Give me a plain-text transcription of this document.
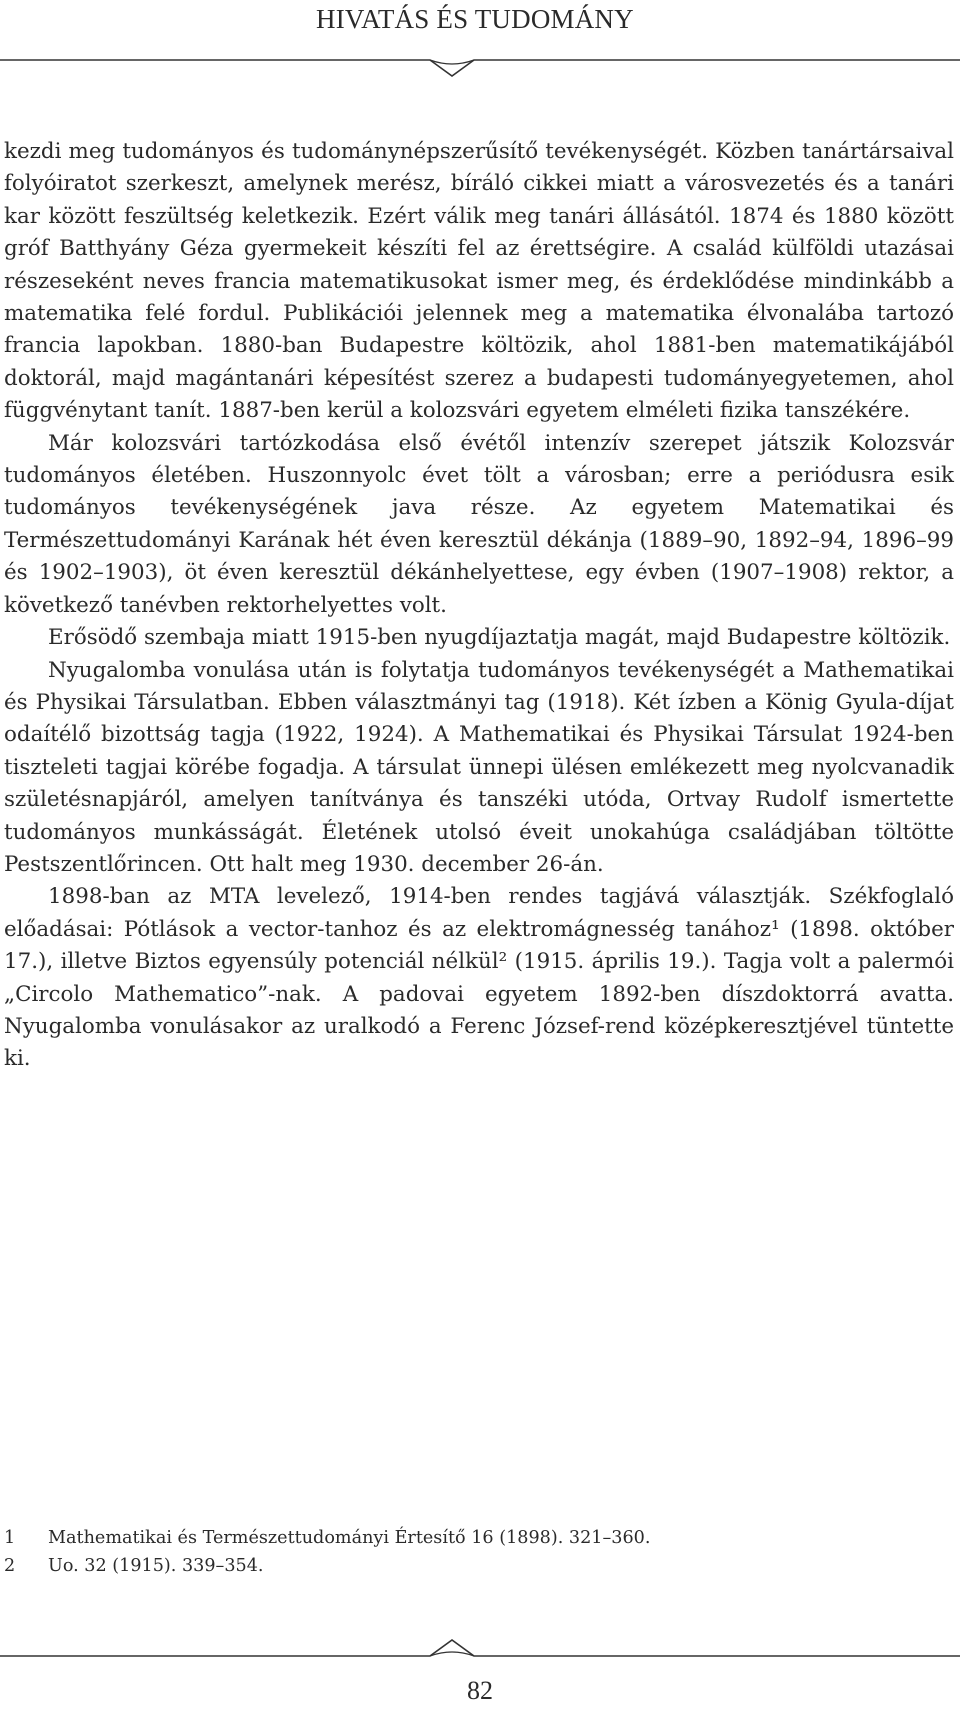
HIVATÁS ÉS TUDOMÁNY

kezdi meg tudományos és tudománynépszerűsítő tevékenységét. Közben tanártársaival folyóiratot szerkeszt, amelynek merész, bíráló cikkei miatt a városvezetés és a tanári kar között feszültség keletkezik. Ezért válik meg tanári állásától. 1874 és 1880 között gróf Batthyány Géza gyermekeit készíti fel az érettségire. A család külföldi utazásai részeseként neves francia matematikusokat ismer meg, és érdeklődése mindinkább a matematika felé fordul. Publikációi jelennek meg a matematika élvonalába tartozó francia lapokban. 1880-ban Budapestre költözik, ahol 1881-ben matematikájából doktorál, majd magántanári képesítést szerez a budapesti tudományegyetemen, ahol függvénytant tanít. 1887-ben kerül a kolozsvári egyetem elméleti fizika tanszékére.

Már kolozsvári tartózkodása első évétől intenzív szerepet játszik Kolozsvár tudományos életében. Huszonnyolc évet tölt a városban; erre a periódusra esik tudományos tevékenységének java része. Az egyetem Matematikai és Természettudományi Karának hét éven keresztül dékánja (1889–90, 1892–94, 1896–99 és 1902–1903), öt éven keresztül dékánhelyettese, egy évben (1907–1908) rektor, a következő tanévben rektorhelyettes volt.

Erősödő szembaja miatt 1915-ben nyugdíjaztatja magát, majd Budapestre költözik.

Nyugalomba vonulása után is folytatja tudományos tevékenységét a Mathematikai és Physikai Társulatban. Ebben választmányi tag (1918). Két ízben a König Gyula-díjat odaítélő bizottság tagja (1922, 1924). A Mathematikai és Physikai Társulat 1924-ben tiszteleti tagjai körébe fogadja. A társulat ünnepi ülésen emlékezett meg nyolcvanadik születésnapjáról, amelyen tanítványa és tanszéki utóda, Ortvay Rudolf ismertette tudományos munkásságát. Életének utolsó éveit unokahúga családjában töltötte Pestszentlőrincen. Ott halt meg 1930. december 26-án.

1898-ban az MTA levelező, 1914-ben rendes tagjává választják. Székfoglaló előadásai: Pótlások a vector-tanhoz és az elektromágnesség tanához¹ (1898. október 17.), illetve Biztos egyensúly potenciál nélkül² (1915. április 19.). Tagja volt a palermói „Circolo Mathematico”-nak. A padovai egyetem 1892-ben díszdoktorrá avatta. Nyugalomba vonulásakor az uralkodó a Ferenc József-rend középkeresztjével tüntette ki.

1	Mathematikai és Természettudományi Értesítő 16 (1898). 321–360.
2	Uo. 32 (1915). 339–354.
82
